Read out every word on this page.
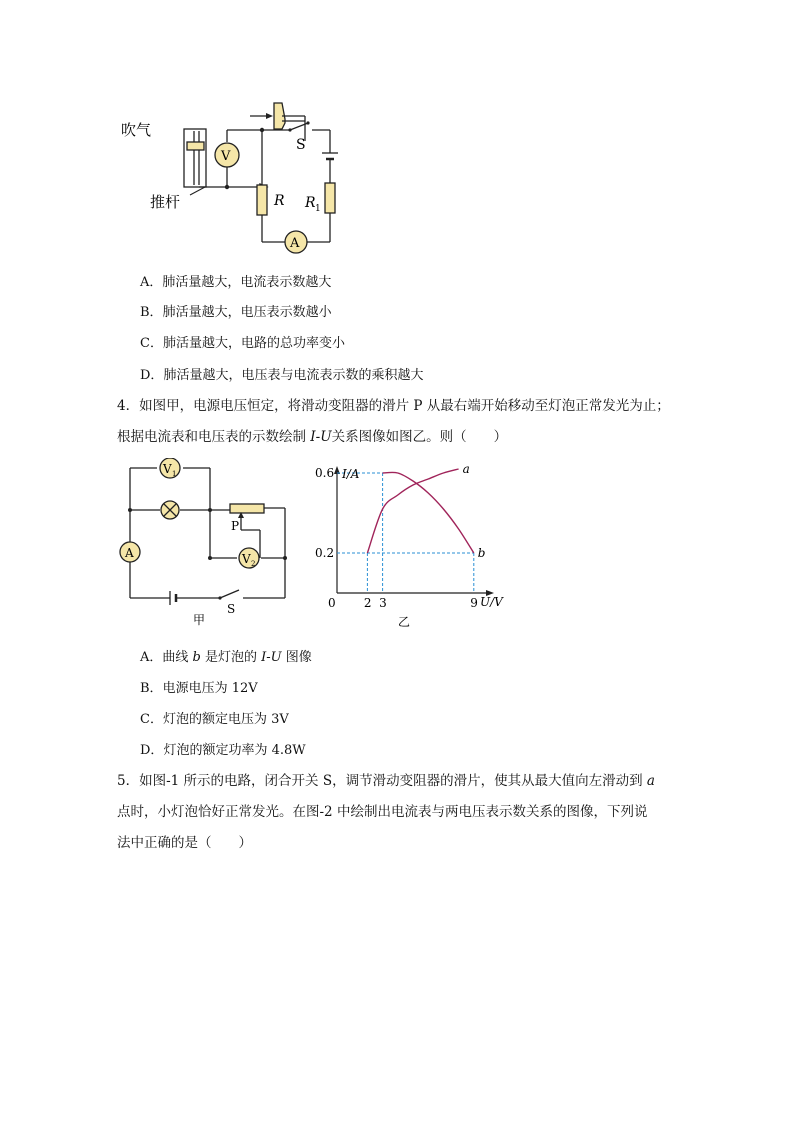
吹气
推杆
V
A
S
R R 1
A．肺活量越大，电流表示数越大
B．肺活量越大，电压表示数越小
C．肺活量越大，电路的总功率变小
D．肺活量越大，电压表与电流表示数的乘积越大
4．如图甲，电源电压恒定，将滑动变阻器的滑片 P 从最右端开始移动至灯泡正常发光为止；
根据电流表和电压表的示数绘制 I-U关系图像如图乙。则（　　）
V 1
V 2
A
P
S
甲
a
b
0 2 3	9
0.2
0.6 I/A
U/V
乙
A．曲线 b 是灯泡的 I-U 图像
B．电源电压为 12V
C．灯泡的额定电压为 3V
D．灯泡的额定功率为 4.8W
5．如图-1 所示的电路，闭合开关 S，调节滑动变阻器的滑片，使其从最大值向左滑动到 a
点时，小灯泡恰好正常发光。在图-2 中绘制出电流表与两电压表示数关系的图像，下列说
法中正确的是（　　）
